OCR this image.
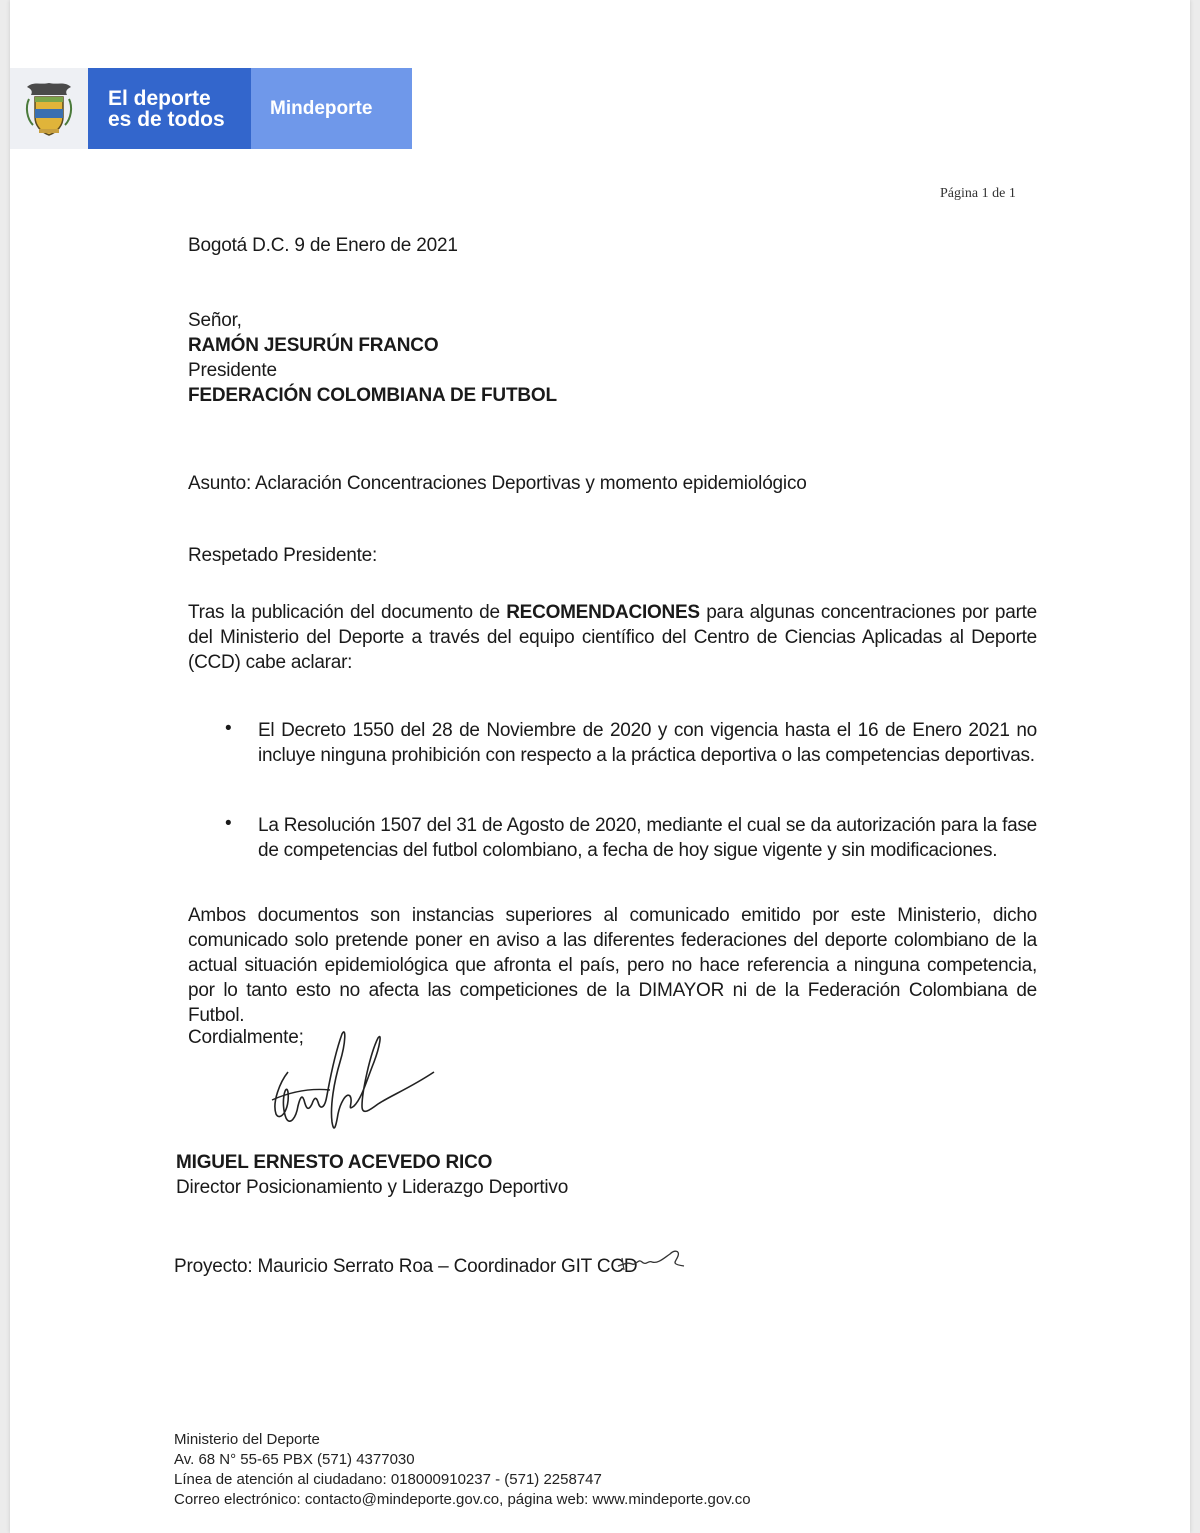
El deporte
es de todos	Mindeporte
Página 1 de 1
Bogotá D.C. 9 de Enero de 2021
Señor,
RAMÓN JESURÚN FRANCO
Presidente
FEDERACIÓN COLOMBIANA DE FUTBOL
Asunto: Aclaración Concentraciones Deportivas y momento epidemiológico
Respetado Presidente:
Tras la publicación del documento de RECOMENDACIONES para algunas concentraciones por parte del Ministerio del Deporte a través del equipo científico del Centro de Ciencias Aplicadas al Deporte (CCD) cabe aclarar:
• El Decreto 1550 del 28 de Noviembre de 2020 y con vigencia hasta el 16 de Enero 2021 no incluye ninguna prohibición con respecto a la práctica deportiva o las competencias deportivas.
• La Resolución 1507 del 31 de Agosto de 2020, mediante el cual se da autorización para la fase de competencias del futbol colombiano, a fecha de hoy sigue vigente y sin modificaciones.
Ambos documentos son instancias superiores al comunicado emitido por este Ministerio, dicho comunicado solo pretende poner en aviso a las diferentes federaciones del deporte colombiano de la actual situación epidemiológica que afronta el país, pero no hace referencia a ninguna competencia, por lo tanto esto no afecta las competiciones de la DIMAYOR ni de la Federación Colombiana de Futbol.
Cordialmente;
MIGUEL ERNESTO ACEVEDO RICO
Director Posicionamiento y Liderazgo Deportivo
Proyecto: Mauricio Serrato Roa – Coordinador GIT CCD
Ministerio del Deporte
Av. 68 N° 55-65 PBX (571) 4377030
Línea de atención al ciudadano: 018000910237 - (571) 2258747
Correo electrónico: contacto@mindeporte.gov.co, página web: www.mindeporte.gov.co
